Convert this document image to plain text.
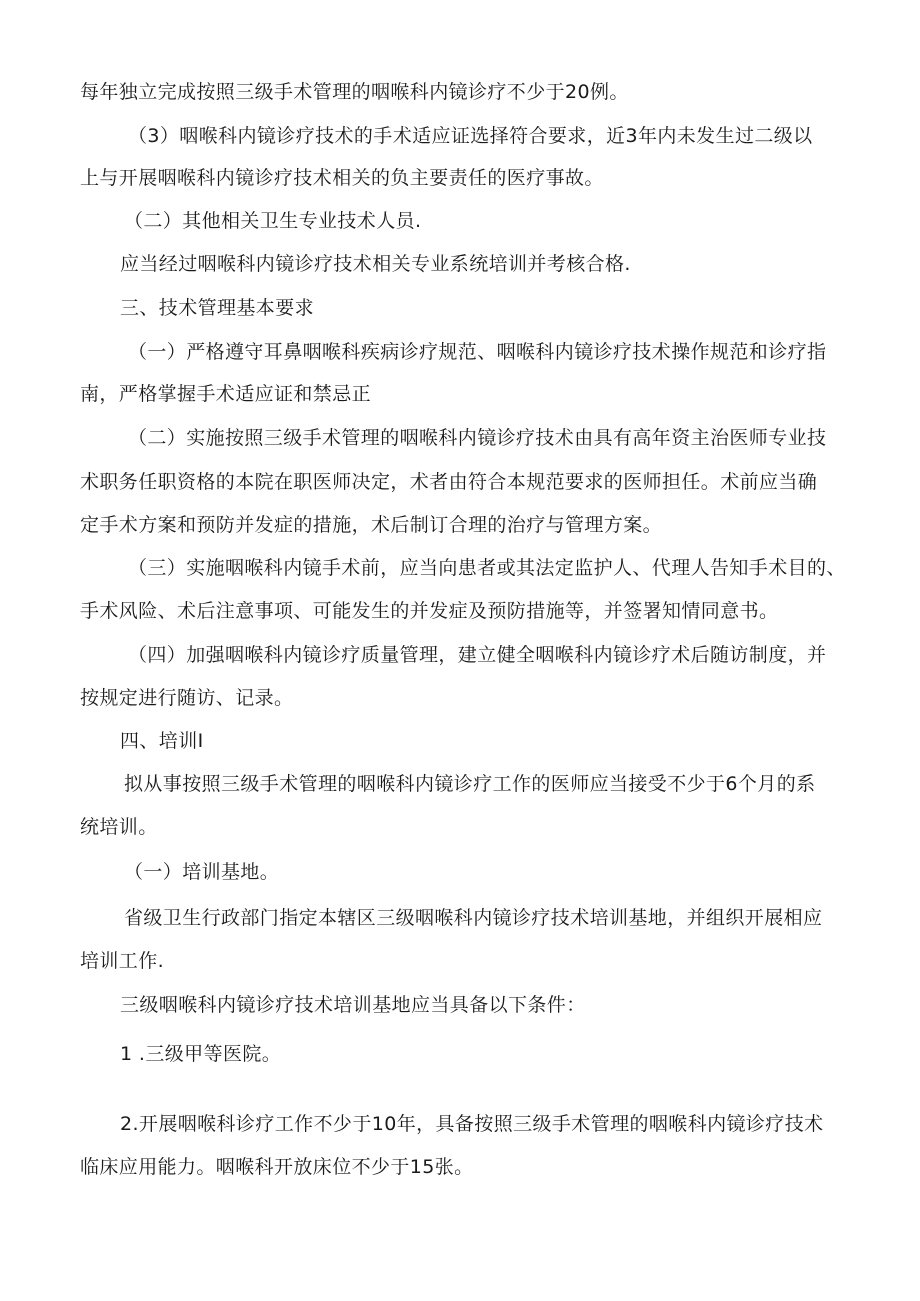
每年独立完成按照三级手术管理的咽喉科内镜诊疗不少于20例。

（3）咽喉科内镜诊疗技术的手术适应证选择符合要求，近3年内未发生过二级以

上与开展咽喉科内镜诊疗技术相关的负主要责任的医疗事故。

（二）其他相关卫生专业技术人员.

应当经过咽喉科内镜诊疗技术相关专业系统培训并考核合格.

三、技术管理基本要求

（一）严格遵守耳鼻咽喉科疾病诊疗规范、咽喉科内镜诊疗技术操作规范和诊疗指

南，严格掌握手术适应证和禁忌正

（二）实施按照三级手术管理的咽喉科内镜诊疗技术由具有高年资主治医师专业技

术职务任职资格的本院在职医师决定，术者由符合本规范要求的医师担任。术前应当确

定手术方案和预防并发症的措施，术后制订合理的治疗与管理方案。

（三）实施咽喉科内镜手术前，应当向患者或其法定监护人、代理人告知手术目的、

手术风险、术后注意事项、可能发生的并发症及预防措施等，并签署知情同意书。

（四）加强咽喉科内镜诊疗质量管理，建立健全咽喉科内镜诊疗术后随访制度，并

按规定进行随访、记录。

四、培训I

拟从事按照三级手术管理的咽喉科内镜诊疗工作的医师应当接受不少于6个月的系

统培训。

（一）培训基地。

省级卫生行政部门指定本辖区三级咽喉科内镜诊疗技术培训基地，并组织开展相应

培训工作.

三级咽喉科内镜诊疗技术培训基地应当具备以下条件：

1 .三级甲等医院。

2.开展咽喉科诊疗工作不少于10年，具备按照三级手术管理的咽喉科内镜诊疗技术

临床应用能力。咽喉科开放床位不少于15张。
